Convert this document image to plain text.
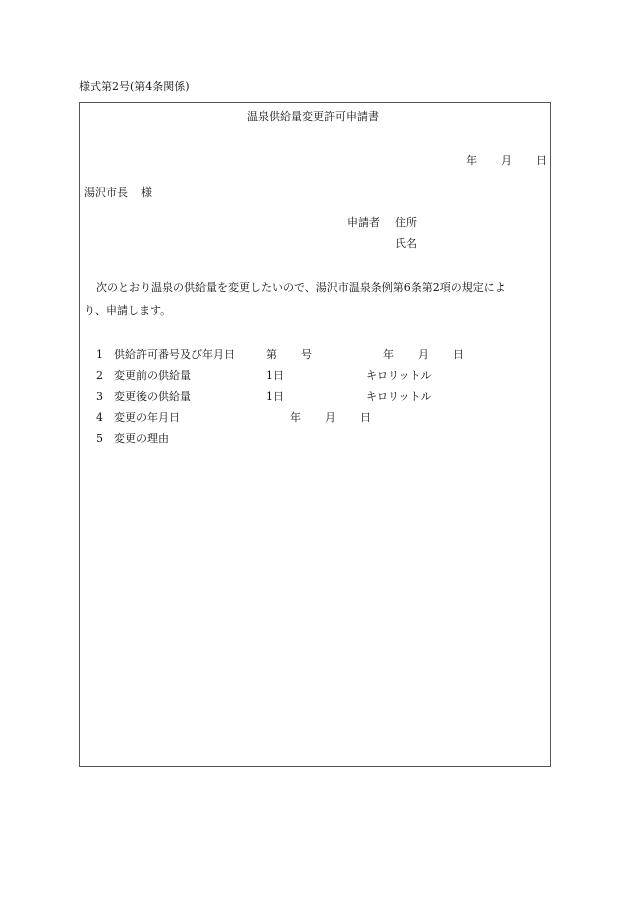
様式第2号(第4条関係)
温泉供給量変更許可申請書
年 月 日
湯沢市長 様
申請者 住所
氏名
次のとおり温泉の供給量を変更したいので、湯沢市温泉条例第6条第2項の規定によ
り、申請します。
1 供給許可番号及び年月日	第 号	年 月 日
2 変更前の供給量	1日	キロリットル
3 変更後の供給量	1日	キロリットル
4 変更の年月日	年 月 日
5 変更の理由
